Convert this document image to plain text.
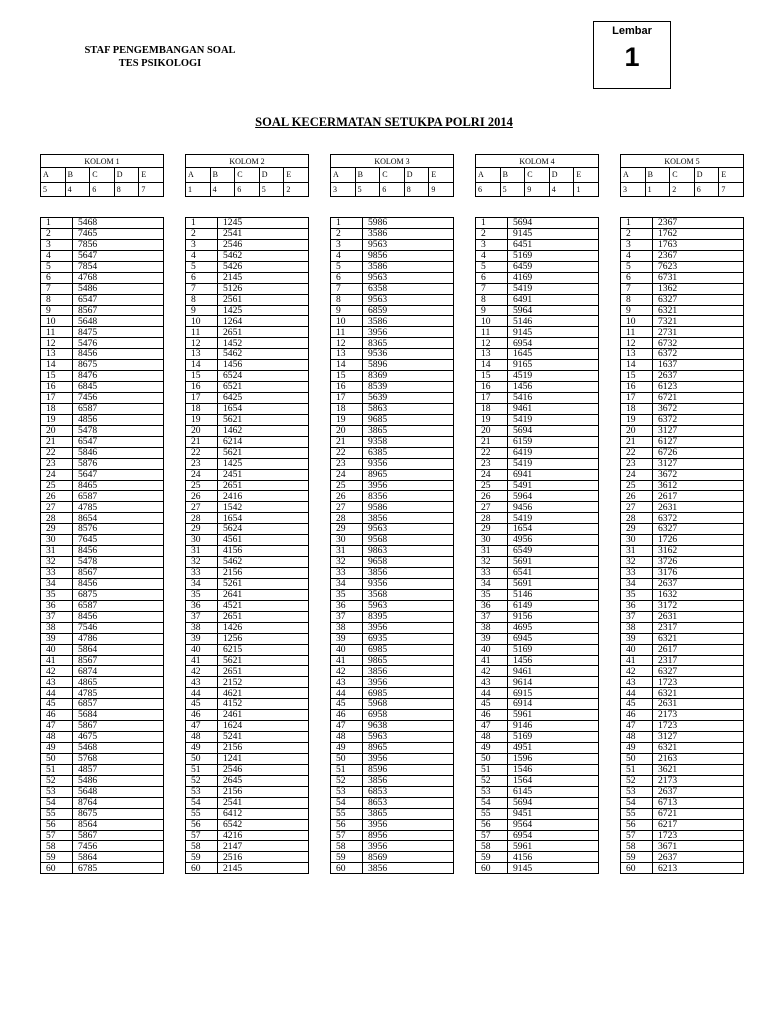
STAF PENGEMBANGAN SOAL
TES PSIKOLOGI
Lembar
1
SOAL KECERMATAN SETUKPA POLRI 2014
KOLOM 1				
A	B	C	D	E
5	4	6	8	7
1	5468
2	7465
3	7856
4	5647
5	7854
6	4768
7	5486
8	6547
9	8567
10	5648
11	8475
12	5476
13	8456
14	8675
15	8476
16	6845
17	7456
18	6587
19	4856
20	5478
21	6547
22	5846
23	5876
24	5647
25	8465
26	6587
27	4785
28	8654
29	8576
30	7645
31	8456
32	5478
33	8567
34	8456
35	6875
36	6587
37	8456
38	7546
39	4786
40	5864
41	8567
42	6874
43	4865
44	4785
45	6857
46	5684
47	5867
48	4675
49	5468
50	5768
51	4857
52	5486
53	5648
54	8764
55	8675
56	8564
57	5867
58	7456
59	5864
60	6785
KOLOM 2				
A	B	C	D	E
1	4	6	5	2
1	1245
2	2541
3	2546
4	5462
5	5426
6	2145
7	5126
8	2561
9	1425
10	1264
11	2651
12	1452
13	5462
14	1456
15	6524
16	6521
17	6425
18	1654
19	5621
20	1462
21	6214
22	5621
23	1425
24	2451
25	2651
26	2416
27	1542
28	1654
29	5624
30	4561
31	4156
32	5462
33	2156
34	5261
35	2641
36	4521
37	2651
38	1426
39	1256
40	6215
41	5621
42	2651
43	2152
44	4621
45	4152
46	2461
47	1624
48	5241
49	2156
50	1241
51	2546
52	2645
53	2156
54	2541
55	6412
56	6542
57	4216
58	2147
59	2516
60	2145
KOLOM 3				
A	B	C	D	E
3	5	6	8	9
1	5986
2	3586
3	9563
4	9856
5	3586
6	9563
7	6358
8	9563
9	6859
10	3586
11	3956
12	8365
13	9536
14	5896
15	8369
16	8539
17	5639
18	5863
19	9685
20	3865
21	9358
22	6385
23	9356
24	8965
25	3956
26	8356
27	9586
28	3856
29	9563
30	9568
31	9863
32	9658
33	3856
34	9356
35	3568
36	5963
37	8395
38	3956
39	6935
40	6985
41	9865
42	3856
43	3956
44	6985
45	5968
46	6958
47	9638
48	5963
49	8965
50	3956
51	8596
52	3856
53	6853
54	8653
55	3865
56	3956
57	8956
58	3956
59	8569
60	3856
KOLOM 4				
A	B	C	D	E
6	5	9	4	1
1	5694
2	9145
3	6451
4	5169
5	6459
6	4169
7	5419
8	6491
9	5964
10	5146
11	9145
12	6954
13	1645
14	9165
15	4519
16	1456
17	5416
18	9461
19	5419
20	5694
21	6159
22	6419
23	5419
24	6941
25	5491
26	5964
27	9456
28	5419
29	1654
30	4956
31	6549
32	5691
33	6541
34	5691
35	5146
36	6149
37	9156
38	4695
39	6945
40	5169
41	1456
42	9461
43	9614
44	6915
45	6914
46	5961
47	9146
48	5169
49	4951
50	1596
51	1546
52	1564
53	6145
54	5694
55	9451
56	9564
57	6954
58	5961
59	4156
60	9145
KOLOM 5				
A	B	C	D	E
3	1	2	6	7
1	2367
2	1762
3	1763
4	2367
5	7623
6	6731
7	1362
8	6327
9	6321
10	7321
11	2731
12	6732
13	6372
14	1637
15	2637
16	6123
17	6721
18	3672
19	6372
20	3127
21	6127
22	6726
23	3127
24	3672
25	3612
26	2617
27	2631
28	6372
29	6327
30	1726
31	3162
32	3726
33	3176
34	2637
35	1632
36	3172
37	2631
38	2317
39	6321
40	2617
41	2317
42	6327
43	1723
44	6321
45	2631
46	2173
47	1723
48	3127
49	6321
50	2163
51	3621
52	2173
53	2637
54	6713
55	6721
56	6217
57	1723
58	3671
59	2637
60	6213
